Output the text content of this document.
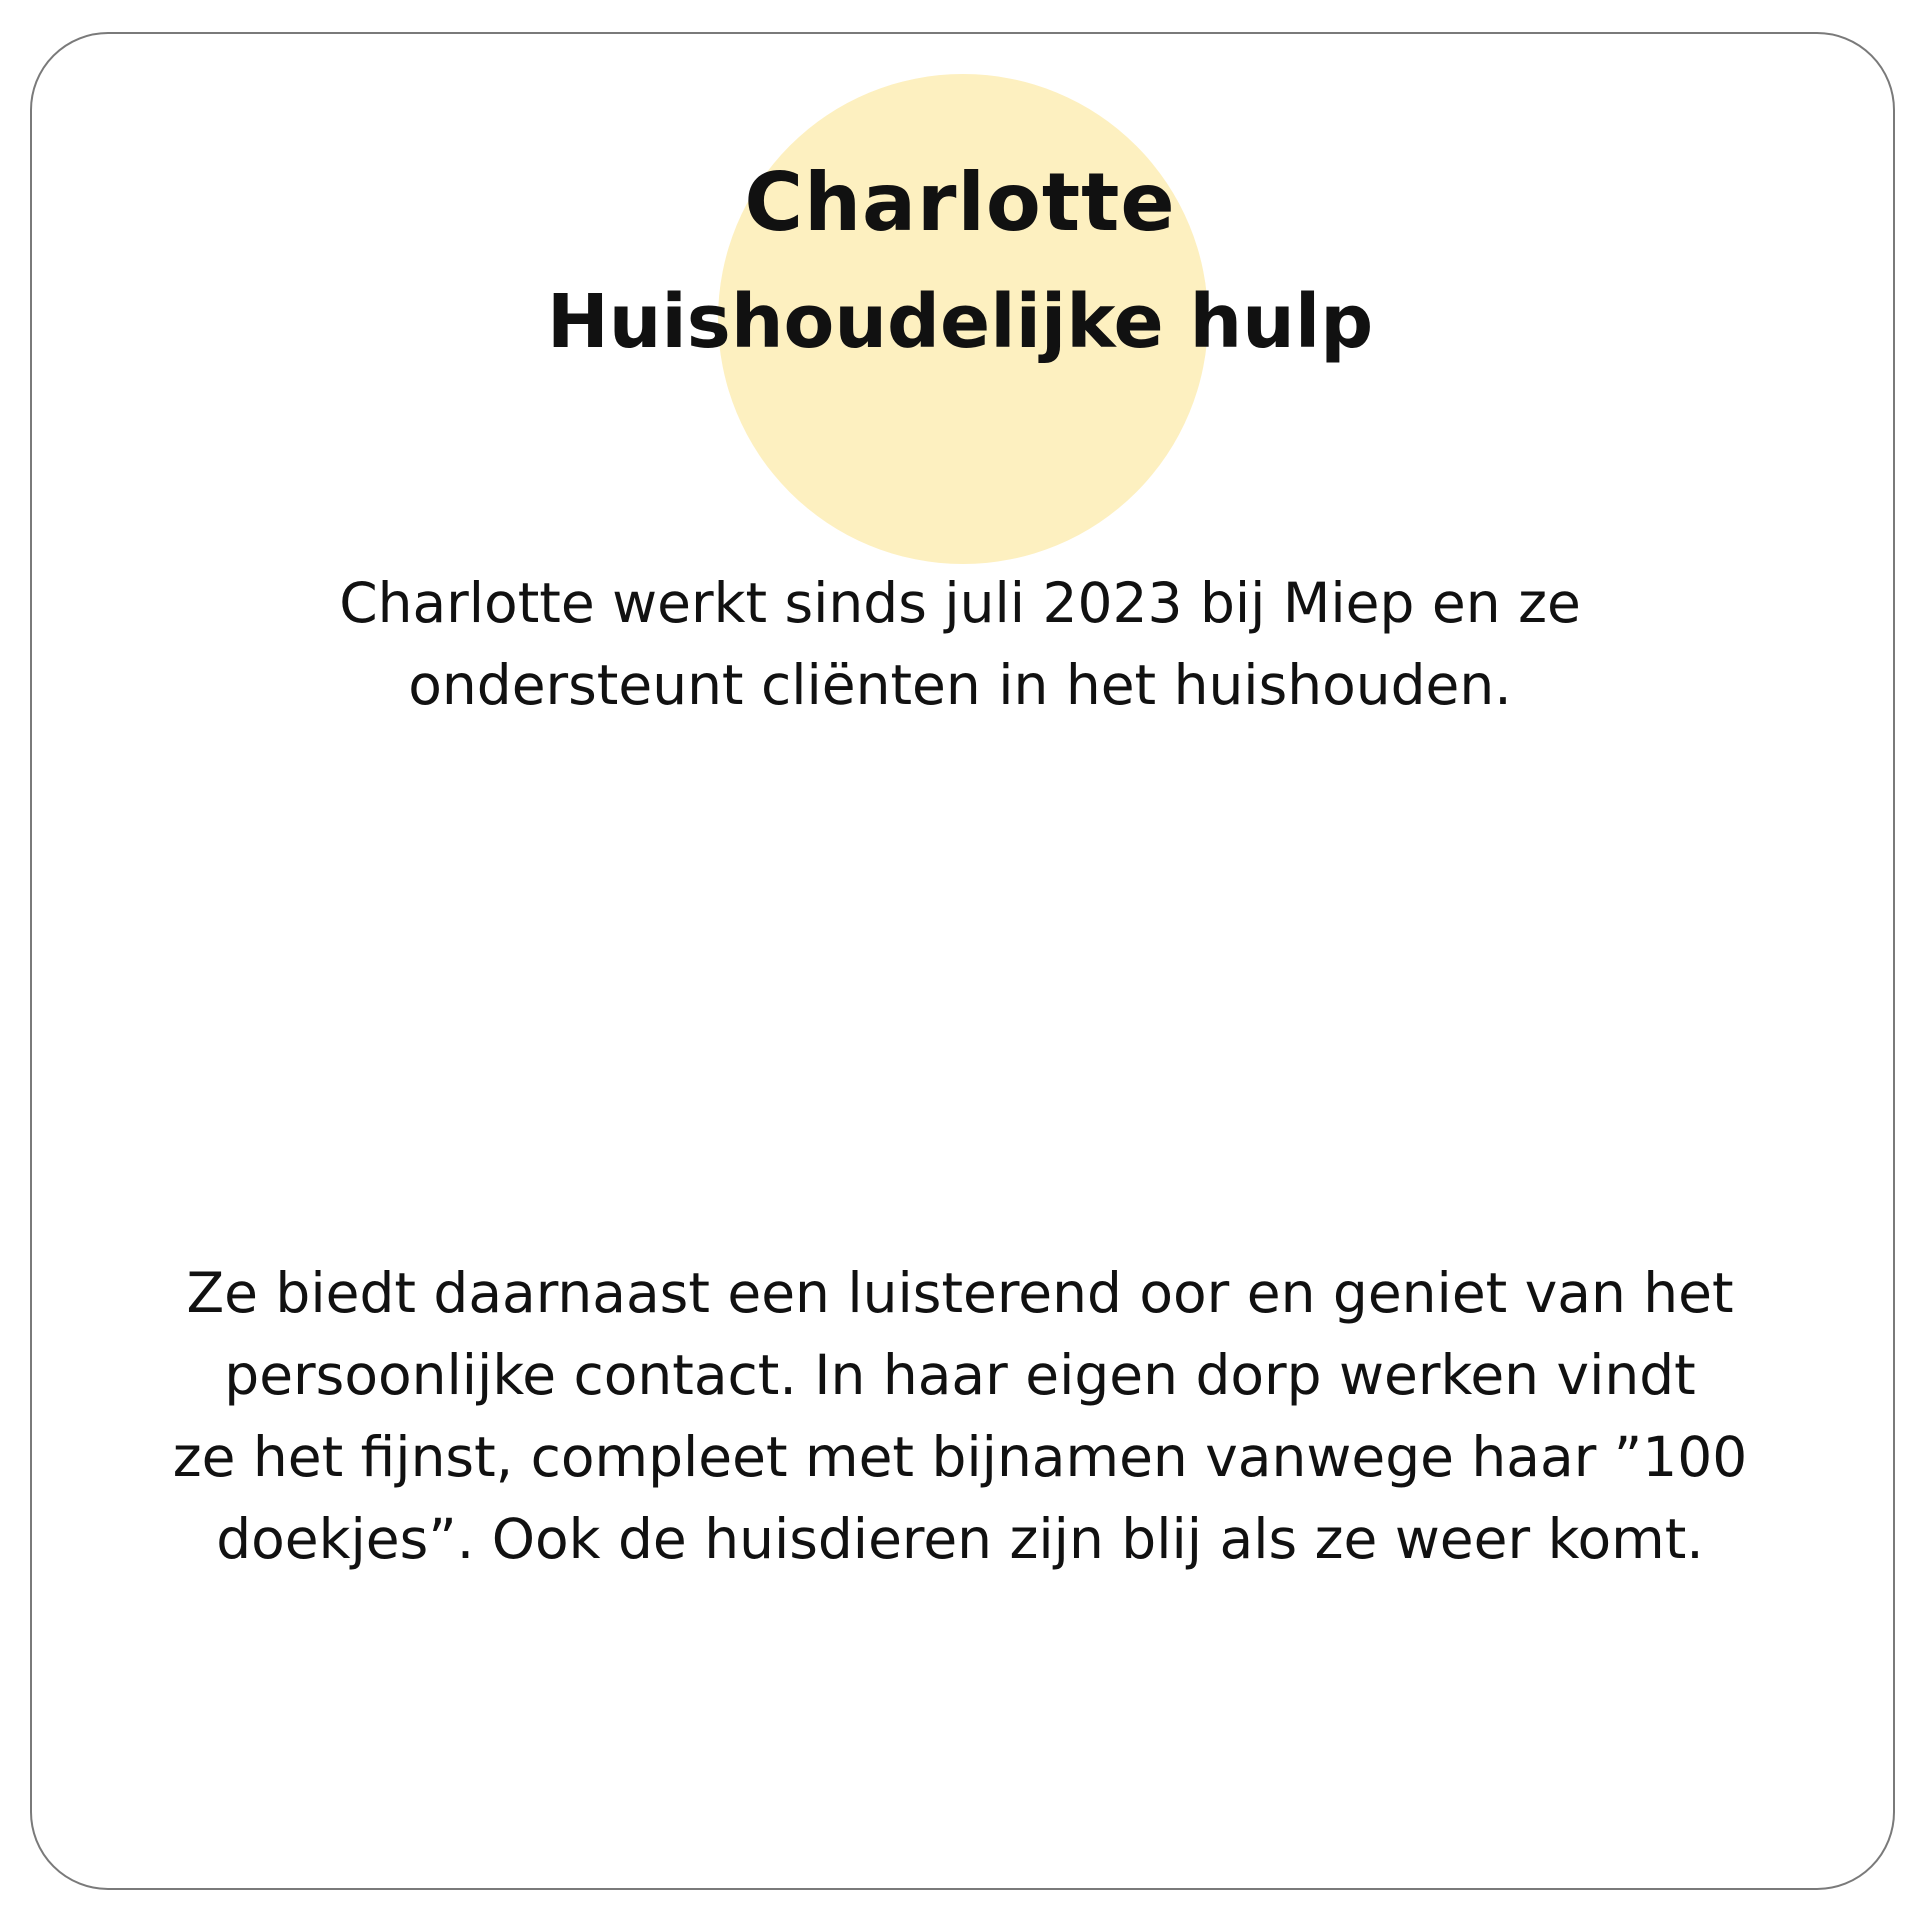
Charlotte
Huishoudelijke hulp

Charlotte werkt sinds juli 2023 bij Miep en ze
ondersteunt cliënten in het huishouden.

Ze biedt daarnaast een luisterend oor en geniet van het
persoonlijke contact. In haar eigen dorp werken vindt
ze het fijnst, compleet met bijnamen vanwege haar ”100
doekjes”. Ook de huisdieren zijn blij als ze weer komt.
